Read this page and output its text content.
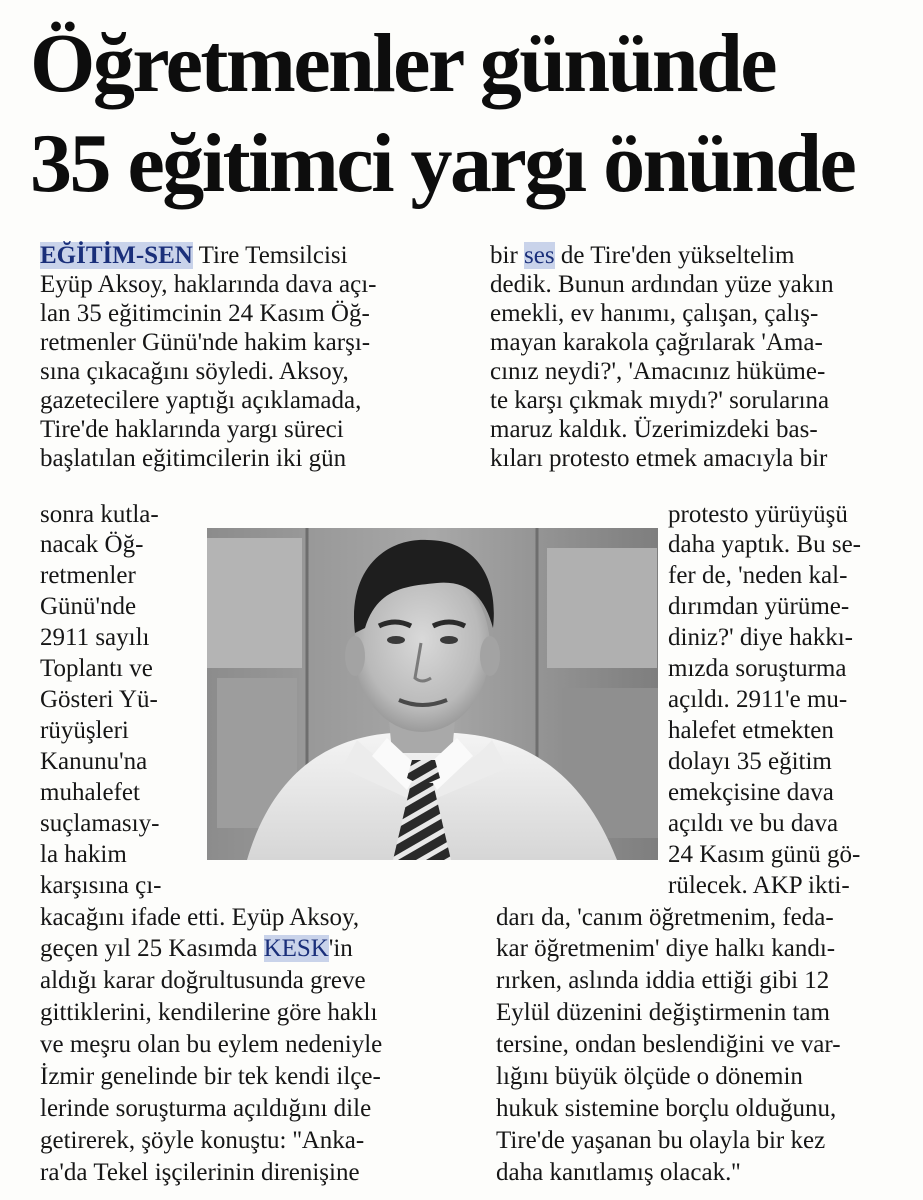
Öğretmenler gününde
35 eğitimci yargı önünde
EĞİTİM-SEN Tire Temsilcisi
Eyüp Aksoy, haklarında dava açı-
lan 35 eğitimcinin 24 Kasım Öğ-
retmenler Günü'nde hakim karşı-
sına çıkacağını söyledi. Aksoy,
gazetecilere yaptığı açıklamada,
Tire'de haklarında yargı süreci
başlatılan eğitimcilerin iki gün
sonra kutla-
nacak Öğ-
retmenler
Günü'nde
2911 sayılı
Toplantı ve
Gösteri Yü-
rüyüşleri
Kanunu'na
muhalefet
suçlamasıy-
la hakim
karşısına çı-
kacağını ifade etti. Eyüp Aksoy,
geçen yıl 25 Kasımda KESK'in
aldığı karar doğrultusunda greve
gittiklerini, kendilerine göre haklı
ve meşru olan bu eylem nedeniyle
İzmir genelinde bir tek kendi ilçe-
lerinde soruşturma açıldığını dile
getirerek, şöyle konuştu: ''Anka-
ra'da Tekel işçilerinin direnişine
bir ses de Tire'den yükseltelim
dedik. Bunun ardından yüze yakın
emekli, ev hanımı, çalışan, çalış-
mayan karakola çağrılarak 'Ama-
cınız neydi?', 'Amacınız hüküme-
te karşı çıkmak mıydı?' sorularına
maruz kaldık. Üzerimizdeki bas-
kıları protesto etmek amacıyla bir
protesto yürüyüşü
daha yaptık. Bu se-
fer de, 'neden kal-
dırımdan yürüme-
diniz?' diye hakkı-
mızda soruşturma
açıldı. 2911'e mu-
halefet etmekten
dolayı 35 eğitim
emekçisine dava
açıldı ve bu dava
24 Kasım günü gö-
rülecek. AKP ikti-
darı da, 'canım öğretmenim, feda-
kar öğretmenim' diye halkı kandı-
rırken, aslında iddia ettiği gibi 12
Eylül düzenini değiştirmenin tam
tersine, ondan beslendiğini ve var-
lığını büyük ölçüde o dönemin
hukuk sistemine borçlu olduğunu,
Tire'de yaşanan bu olayla bir kez
daha kanıtlamış olacak.''
